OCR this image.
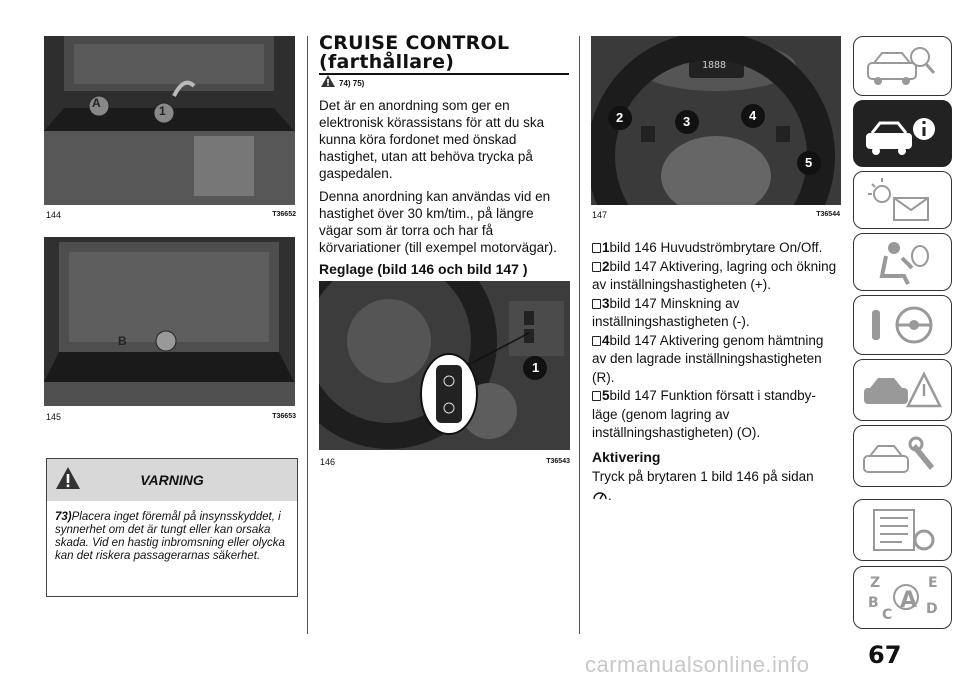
A
1
144	T36652
B
145	T36653
VARNING
73)Placera inget föremål på insynsskyddet, i synnerhet om det är tungt eller kan orsaka skada. Vid en hastig inbromsning eller olycka kan det riskera passagerarnas säkerhet.
CRUISE CONTROL
(farthållare)
74) 75)

Det är en anordning som ger en elektronisk körassistans för att du ska kunna köra fordonet med önskad hastighet, utan att behöva trycka på gaspedalen.

Denna anordning kan användas vid en hastighet över 30 km/tim., på längre vägar som är torra och har få körvariationer (till exempel motorvägar).

Reglage (bild 146 och bild 147 )

1
146	T36543
1888
2	3	4
5
147	T36544

1bild 146 Huvudströmbrytare On/Off.

2bild 147 Aktivering, lagring och ökning av inställningshastigheten (+).

3bild 147 Minskning av inställningshastigheten (-).

4bild 147 Aktivering genom hämtning av den lagrade inställningshastigheten (R).

5bild 147 Funktion försatt i standby-läge (genom lagring av inställningshastigheten) (O).

Aktivering

Tryck på brytaren 1 bild 146 på sidan
.

Z	E
B	D
C
A
67
carmanualsonline.info
